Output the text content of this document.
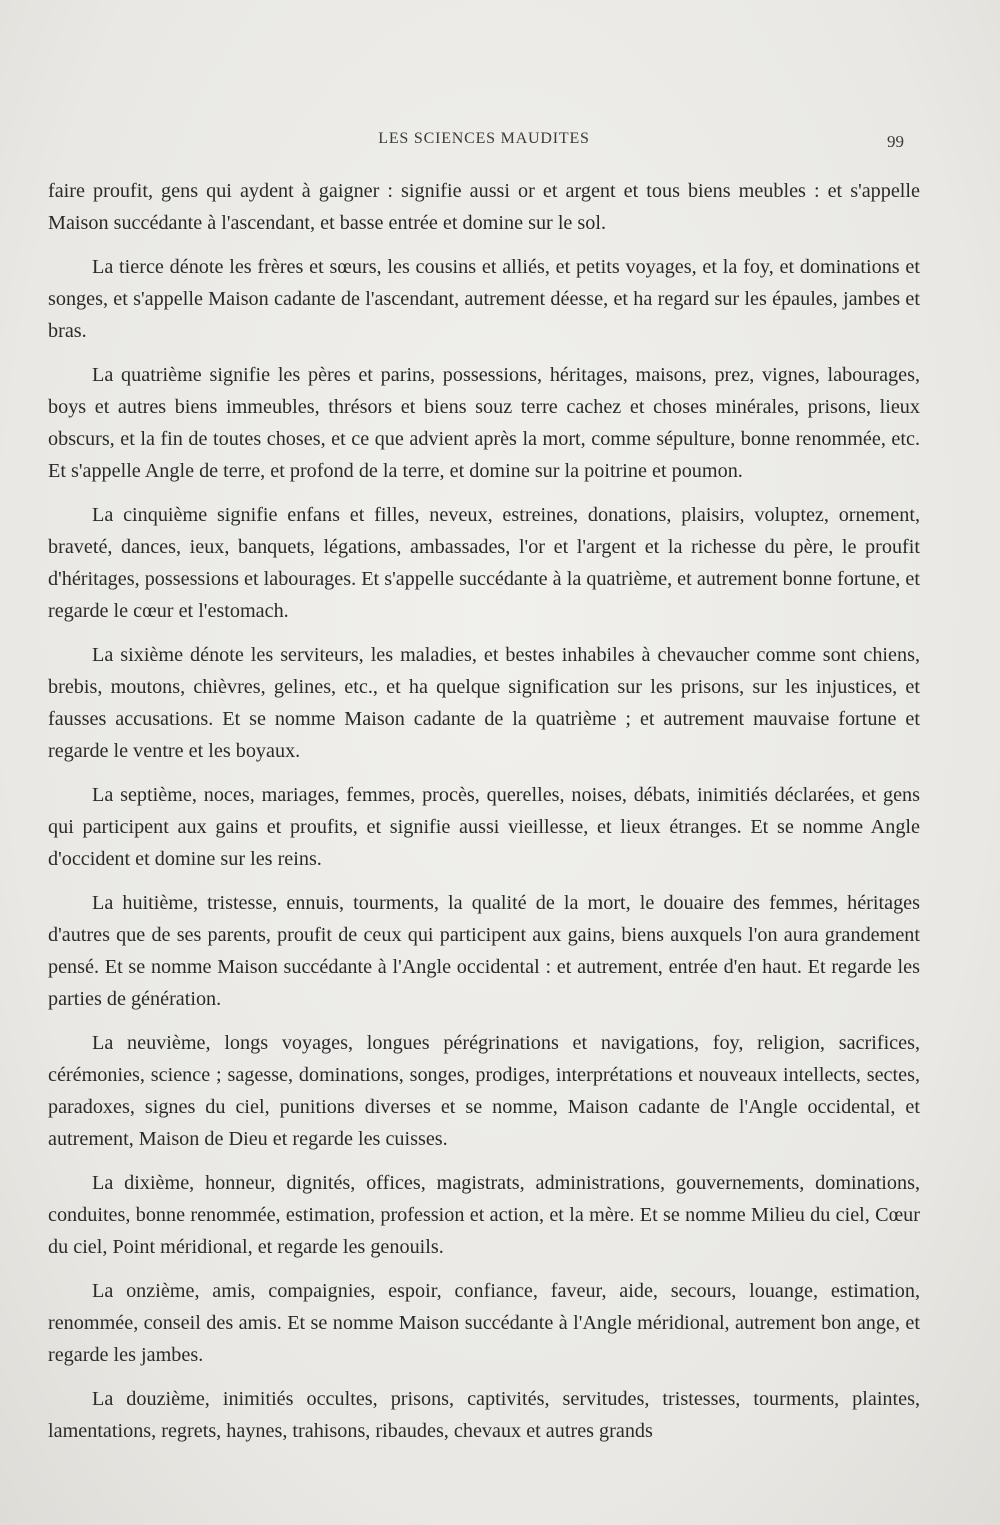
LES SCIENCES MAUDITES	99

faire proufit, gens qui aydent à gaigner : signifie aussi or et argent et tous biens meubles : et s'appelle Maison succédante à l'ascendant, et basse entrée et domine sur le sol.

La tierce dénote les frères et sœurs, les cousins et alliés, et petits voyages, et la foy, et dominations et songes, et s'appelle Maison cadante de l'ascendant, autrement déesse, et ha regard sur les épaules, jambes et bras.

La quatrième signifie les pères et parins, possessions, héritages, maisons, prez, vignes, labourages, boys et autres biens immeubles, thrésors et biens souz terre cachez et choses minérales, prisons, lieux obscurs, et la fin de toutes choses, et ce que advient après la mort, comme sépulture, bonne renommée, etc. Et s'appelle Angle de terre, et profond de la terre, et domine sur la poitrine et poumon.

La cinquième signifie enfans et filles, neveux, estreines, donations, plaisirs, voluptez, ornement, braveté, dances, ieux, banquets, légations, ambassades, l'or et l'argent et la richesse du père, le proufit d'héritages, possessions et labourages. Et s'appelle succédante à la quatrième, et autrement bonne fortune, et regarde le cœur et l'estomach.

La sixième dénote les serviteurs, les maladies, et bestes inhabiles à chevaucher comme sont chiens, brebis, moutons, chièvres, gelines, etc., et ha quelque signification sur les prisons, sur les injustices, et fausses accusations. Et se nomme Maison cadante de la quatrième ; et autrement mauvaise fortune et regarde le ventre et les boyaux.

La septième, noces, mariages, femmes, procès, querelles, noises, débats, inimitiés déclarées, et gens qui participent aux gains et proufits, et signifie aussi vieillesse, et lieux étranges. Et se nomme Angle d'occident et domine sur les reins.

La huitième, tristesse, ennuis, tourments, la qualité de la mort, le douaire des femmes, héritages d'autres que de ses parents, proufit de ceux qui participent aux gains, biens auxquels l'on aura grandement pensé. Et se nomme Maison succédante à l'Angle occidental : et autrement, entrée d'en haut. Et regarde les parties de génération.

La neuvième, longs voyages, longues pérégrinations et navigations, foy, religion, sacrifices, cérémonies, science ; sagesse, dominations, songes, prodiges, interprétations et nouveaux intellects, sectes, paradoxes, signes du ciel, punitions diverses et se nomme, Maison cadante de l'Angle occidental, et autrement, Maison de Dieu et regarde les cuisses.

La dixième, honneur, dignités, offices, magistrats, administrations, gouvernements, dominations, conduites, bonne renommée, estimation, profession et action, et la mère. Et se nomme Milieu du ciel, Cœur du ciel, Point méridional, et regarde les genouils.

La onzième, amis, compaignies, espoir, confiance, faveur, aide, secours, louange, estimation, renommée, conseil des amis. Et se nomme Maison succédante à l'Angle méridional, autrement bon ange, et regarde les jambes.

La douzième, inimitiés occultes, prisons, captivités, servitudes, tristesses, tourments, plaintes, lamentations, regrets, haynes, trahisons, ribaudes, chevaux et autres grands
